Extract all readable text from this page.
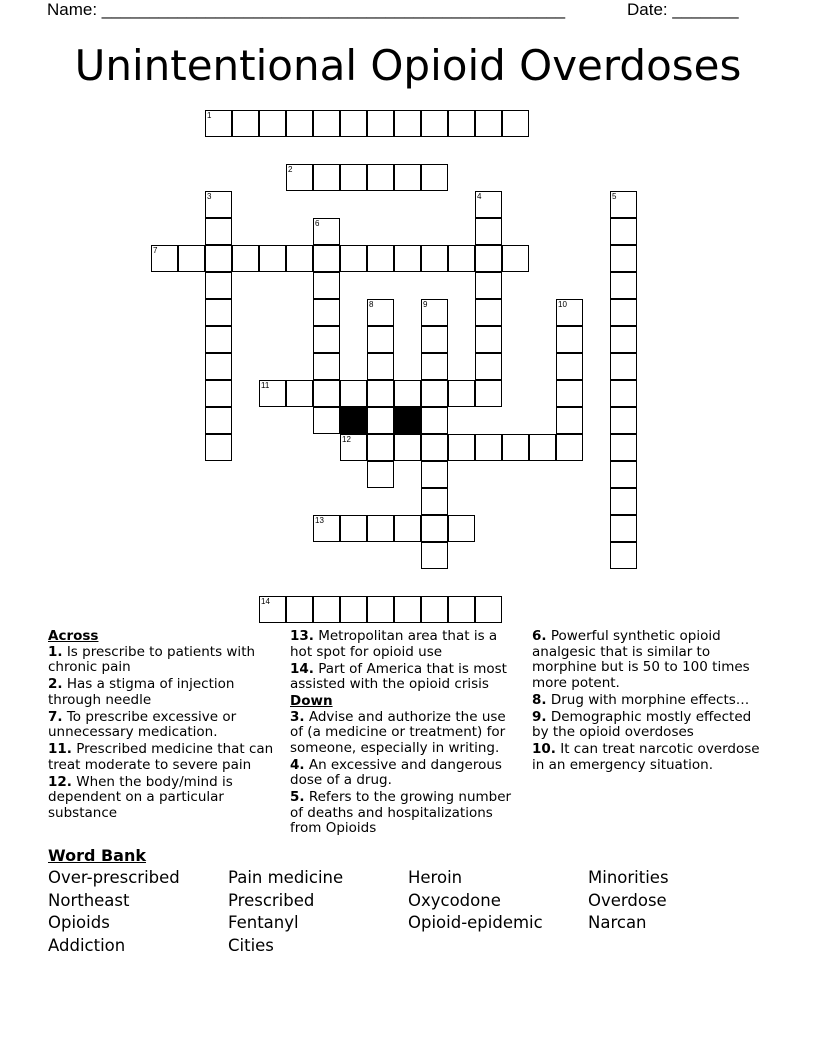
Name: _________________________________________________	Date: _______
Unintentional Opioid Overdoses
1
2
3	4	5
6
7
8	9	10
11
12
13
14
Across
1. Is prescribe to patients with chronic pain
2. Has a stigma of injection through needle
7. To prescribe excessive or unnecessary medication.
11. Prescribed medicine that can treat moderate to severe pain
12. When the body/mind is dependent on a particular substance
13. Metropolitan area that is a hot spot for opioid use
14. Part of America that is most assisted with the opioid crisis
Down
3. Advise and authorize the use of (a medicine or treatment) for someone, especially in writing.
4. An excessive and dangerous dose of a drug.
5. Refers to the growing number of deaths and hospitalizations from Opioids
6. Powerful synthetic opioid analgesic that is similar to morphine but is 50 to 100 times more potent.
8. Drug with morphine effects…
9. Demographic mostly effected by the opioid overdoses
10. It can treat narcotic overdose in an emergency situation.
Word Bank
Over-prescribed	Pain medicine	Heroin	Minorities
Northeast	Prescribed	Oxycodone	Overdose
Opioids	Fentanyl	Opioid-epidemic	Narcan
Addiction	Cities
